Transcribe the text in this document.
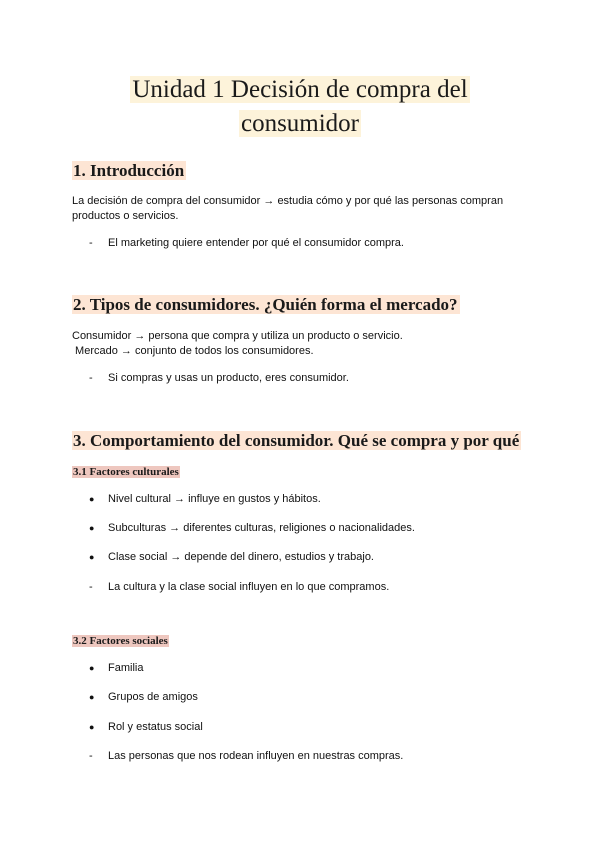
Unidad 1 Decisión de compra del
consumidor
1. Introducción
La decisión de compra del consumidor → estudia cómo y por qué las personas compran
productos o servicios.
- El marketing quiere entender por qué el consumidor compra.
2. Tipos de consumidores. ¿Quién forma el mercado?
Consumidor → persona que compra y utiliza un producto o servicio.
Mercado → conjunto de todos los consumidores.
- Si compras y usas un producto, eres consumidor.
3. Comportamiento del consumidor. Qué se compra y por qué
3.1 Factores culturales
● Nivel cultural → influye en gustos y hábitos.
● Subculturas → diferentes culturas, religiones o nacionalidades.
● Clase social → depende del dinero, estudios y trabajo.
- La cultura y la clase social influyen en lo que compramos.
3.2 Factores sociales
● Familia
● Grupos de amigos
● Rol y estatus social
- Las personas que nos rodean influyen en nuestras compras.
